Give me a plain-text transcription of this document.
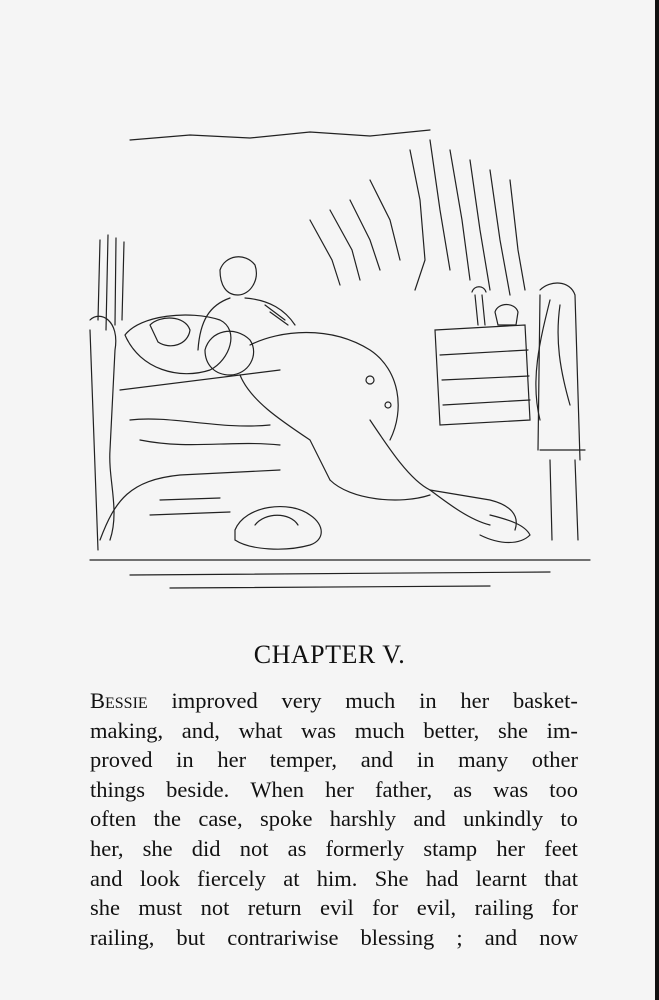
CHAPTER V.
Bessie improved very much in her basket-
making, and, what was much better, she im-
proved in her temper, and in many other
things beside. When her father, as was too
often the case, spoke harshly and unkindly to
her, she did not as formerly stamp her feet
and look fiercely at him. She had learnt that
she must not return evil for evil, railing for
railing, but contrariwise blessing ; and now
